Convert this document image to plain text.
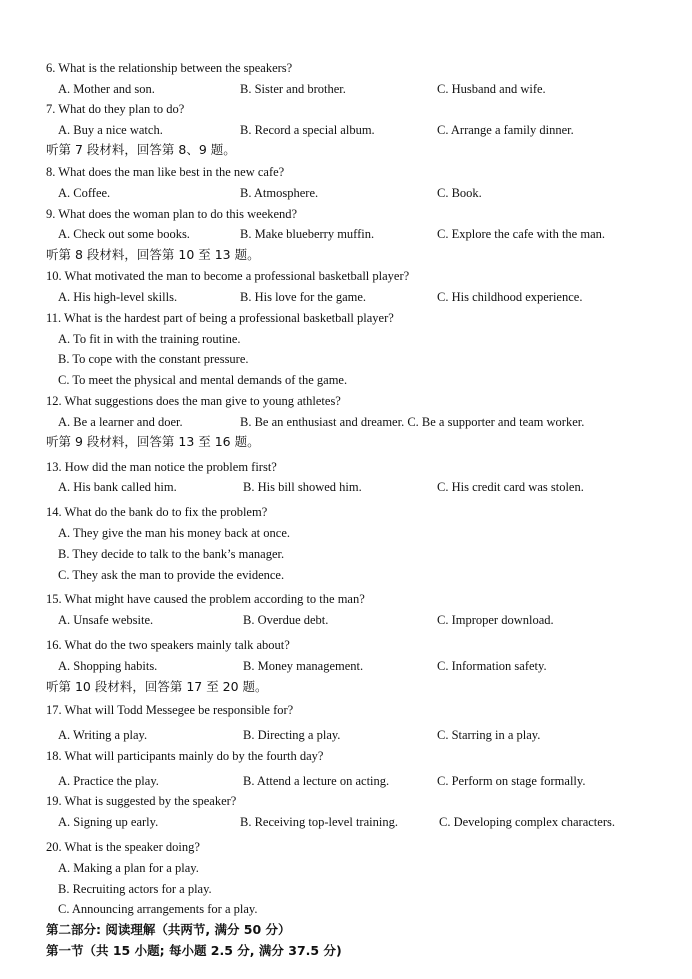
6. What is the relationship between the speakers?
A. Mother and son.	B. Sister and brother.	C. Husband and wife.
7. What do they plan to do?
A. Buy a nice watch.	B. Record a special album.	C. Arrange a family dinner.
听第 7 段材料，回答第 8、9 题。
8. What does the man like best in the new cafe?
A. Coffee.	B. Atmosphere.	C. Book.
9. What does the woman plan to do this weekend?
A. Check out some books.	B. Make blueberry muffin.	C. Explore the cafe with the man.
听第 8 段材料，回答第 10 至 13 题。
10. What motivated the man to become a professional basketball player?
A. His high-level skills.	B. His love for the game.	C. His childhood experience.
11. What is the hardest part of being a professional basketball player?
A. To fit in with the training routine.
B. To cope with the constant pressure.
C. To meet the physical and mental demands of the game.
12. What suggestions does the man give to young athletes?
A. Be a learner and doer.	B. Be an enthusiast and dreamer. C. Be a supporter and team worker.
听第 9 段材料，回答第 13 至 16 题。
13. How did the man notice the problem first?
A. His bank called him.	B. His bill showed him.	C. His credit card was stolen.
14. What do the bank do to fix the problem?
A. They give the man his money back at once.
B. They decide to talk to the bank’s manager.
C. They ask the man to provide the evidence.
15. What might have caused the problem according to the man?
A. Unsafe website.	B. Overdue debt.	C. Improper download.
16. What do the two speakers mainly talk about?
A. Shopping habits.	B. Money management.	C. Information safety.
听第 10 段材料，回答第 17 至 20 题。
17. What will Todd Messegee be responsible for?
A. Writing a play.	B. Directing a play.	C. Starring in a play.
18. What will participants mainly do by the fourth day?
A. Practice the play.	B. Attend a lecture on acting.	C. Perform on stage formally.
19. What is suggested by the speaker?
A. Signing up early.	B. Receiving top-level training.	C. Developing complex characters.
20. What is the speaker doing?
A. Making a plan for a play.
B. Recruiting actors for a play.
C. Announcing arrangements for a play.
第二部分: 阅读理解（共两节, 满分 50 分）
第一节（共 15 小题; 每小题 2.5 分, 满分 37.5 分)
